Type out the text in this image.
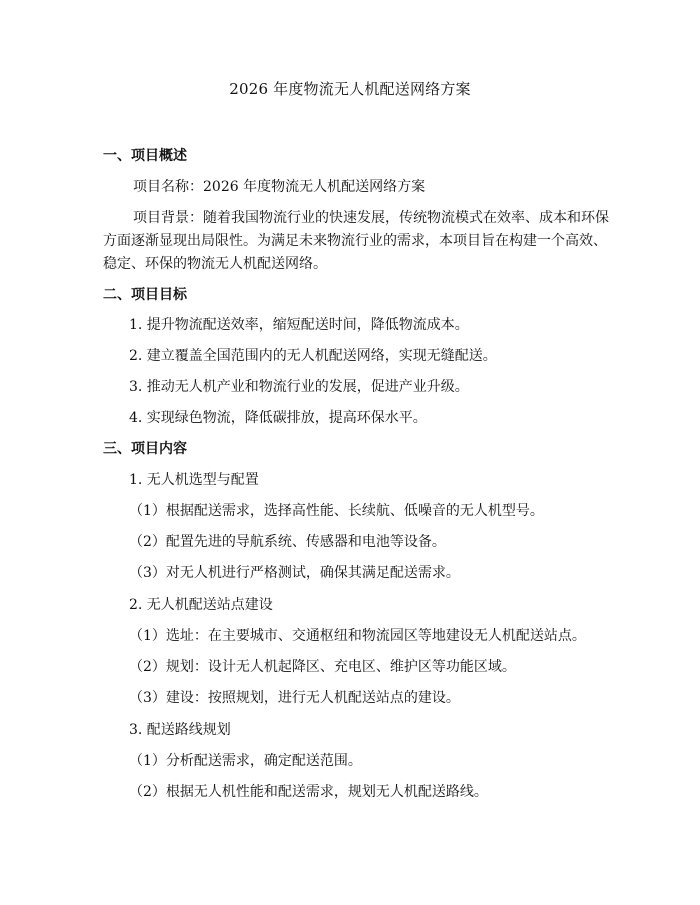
2026 年度物流无人机配送网络方案
一、项目概述
项目名称：2026 年度物流无人机配送网络方案
项目背景：随着我国物流行业的快速发展，传统物流模式在效率、成本和环保
方面逐渐显现出局限性。为满足未来物流行业的需求，本项目旨在构建一个高效、
稳定、环保的物流无人机配送网络。
二、项目目标
1. 提升物流配送效率，缩短配送时间，降低物流成本。
2. 建立覆盖全国范围内的无人机配送网络，实现无缝配送。
3. 推动无人机产业和物流行业的发展，促进产业升级。
4. 实现绿色物流，降低碳排放，提高环保水平。
三、项目内容
1. 无人机选型与配置
（1）根据配送需求，选择高性能、长续航、低噪音的无人机型号。
（2）配置先进的导航系统、传感器和电池等设备。
（3）对无人机进行严格测试，确保其满足配送需求。
2. 无人机配送站点建设
（1）选址：在主要城市、交通枢纽和物流园区等地建设无人机配送站点。
（2）规划：设计无人机起降区、充电区、维护区等功能区域。
（3）建设：按照规划，进行无人机配送站点的建设。
3. 配送路线规划
（1）分析配送需求，确定配送范围。
（2）根据无人机性能和配送需求，规划无人机配送路线。
